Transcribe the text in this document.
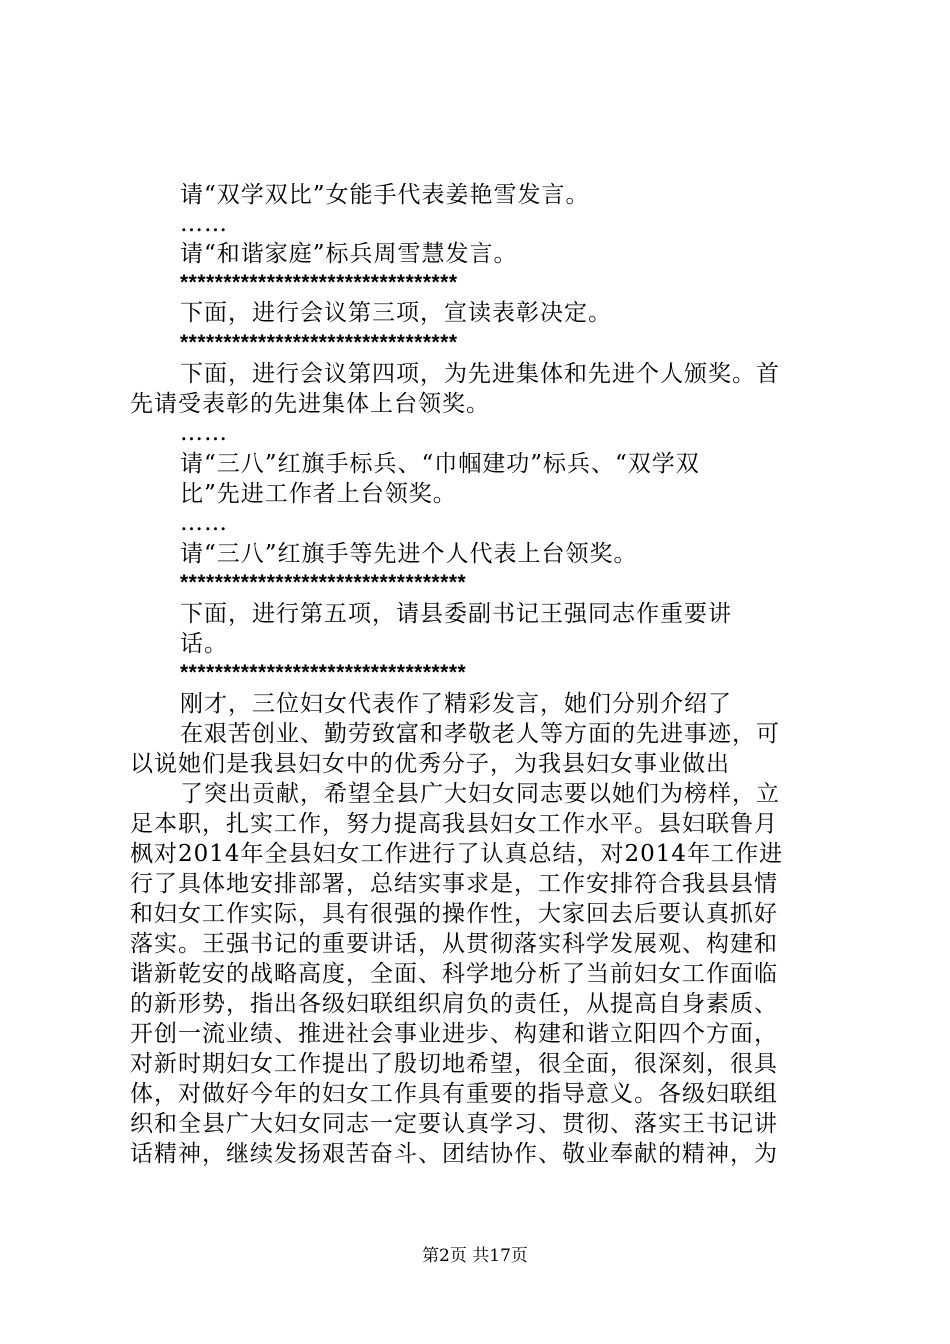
请“双学双比”女能手代表姜艳雪发言。
……
请“和谐家庭”标兵周雪慧发言。
********************************
下面，进行会议第三项，宣读表彰决定。
********************************
下面，进行会议第四项，为先进集体和先进个人颁奖。首
先请受表彰的先进集体上台领奖。
……
请“三八”红旗手标兵、“巾帼建功”标兵、“双学双
比”先进工作者上台领奖。
……
请“三八”红旗手等先进个人代表上台领奖。
*********************************
下面，进行第五项，请县委副书记王强同志作重要讲
话。
*********************************
刚才，三位妇女代表作了精彩发言，她们分别介绍了
在艰苦创业、勤劳致富和孝敬老人等方面的先进事迹，可
以说她们是我县妇女中的优秀分子，为我县妇女事业做出
了突出贡献，希望全县广大妇女同志要以她们为榜样，立
足本职，扎实工作，努力提高我县妇女工作水平。县妇联鲁月
枫对2014年全县妇女工作进行了认真总结，对2014年工作进
行了具体地安排部署，总结实事求是，工作安排符合我县县情
和妇女工作实际，具有很强的操作性，大家回去后要认真抓好
落实。王强书记的重要讲话，从贯彻落实科学发展观、构建和
谐新乾安的战略高度，全面、科学地分析了当前妇女工作面临
的新形势，指出各级妇联组织肩负的责任，从提高自身素质、
开创一流业绩、推进社会事业进步、构建和谐立阳四个方面，
对新时期妇女工作提出了殷切地希望，很全面，很深刻，很具
体，对做好今年的妇女工作具有重要的指导意义。各级妇联组
织和全县广大妇女同志一定要认真学习、贯彻、落实王书记讲
话精神，继续发扬艰苦奋斗、团结协作、敬业奉献的精神，为
第2页 共17页
